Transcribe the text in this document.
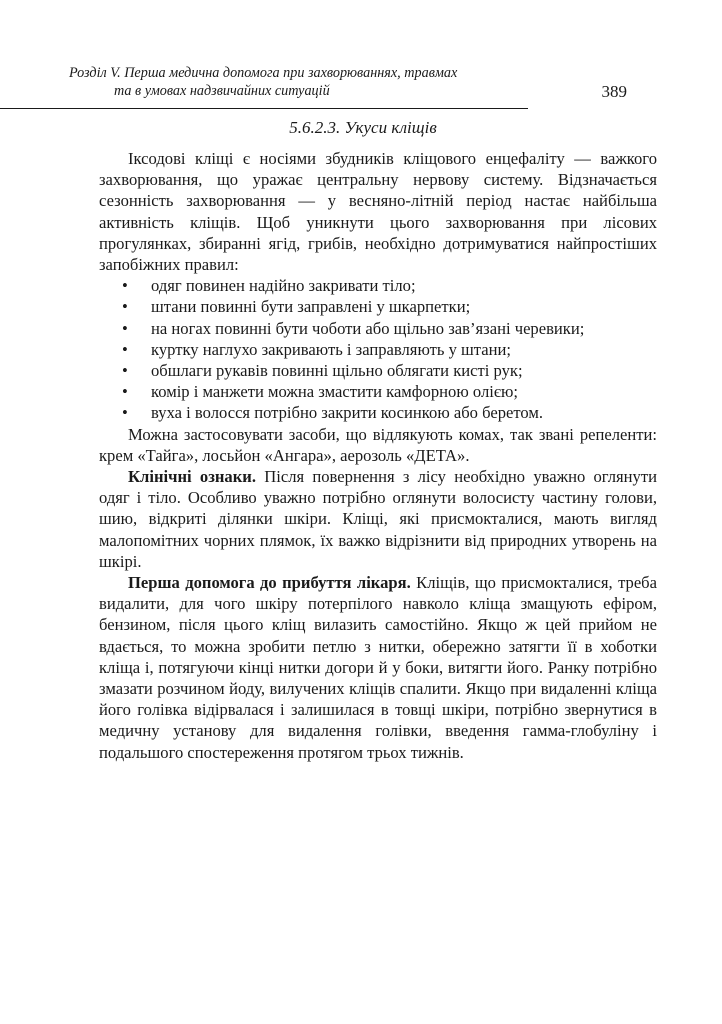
Розділ V. Перша медична допомога при захворюваннях, травмах
та в умовах надзвичайних ситуацій	389
5.6.2.3. Укуси кліщів

Іксодові кліщі є носіями збудників кліщового енцефаліту — важкого захворювання, що уражає центральну нервову систему. Відзначається сезонність захворювання — у весняно-літній період настає найбільша активність кліщів. Щоб уникнути цього захворювання при лісових прогулянках, збиранні ягід, грибів, необхідно дотримуватися найпростіших запобіжних правил:

• одяг повинен надійно закривати тіло;
• штани повинні бути заправлені у шкарпетки;
• на ногах повинні бути чоботи або щільно зав’язані черевики;
• куртку наглухо закривають і заправляють у штани;
• обшлаги рукавів повинні щільно облягати кисті рук;
• комір і манжети можна змастити камфорною олією;
• вуха і волосся потрібно закрити косинкою або беретом.

Можна застосовувати засоби, що відлякують комах, так звані репеленти: крем «Тайга», лосьйон «Ангара», аерозоль «ДЕТА».

Клінічні ознаки. Після повернення з лісу необхідно уважно оглянути одяг і тіло. Особливо уважно потрібно оглянути волосисту частину голови, шию, відкриті ділянки шкіри. Кліщі, які присмокталися, мають вигляд малопомітних чорних плямок, їх важко відрізнити від природних утворень на шкірі.

Перша допомога до прибуття лікаря. Кліщів, що присмокталися, треба видалити, для чого шкіру потерпілого навколо кліща змащують ефіром, бензином, після цього кліщ вилазить самостійно. Якщо ж цей прийом не вдається, то можна зробити петлю з нитки, обережно затягти її в хоботки кліща і, потягуючи кінці нитки догори й у боки, витягти його. Ранку потрібно змазати розчином йоду, вилучених кліщів спалити. Якщо при видаленні кліща його голівка відірвалася і залишилася в товщі шкіри, потрібно звернутися в медичну установу для видалення голівки, введення гамма-глобуліну і подальшого спостереження протягом трьох тижнів.
